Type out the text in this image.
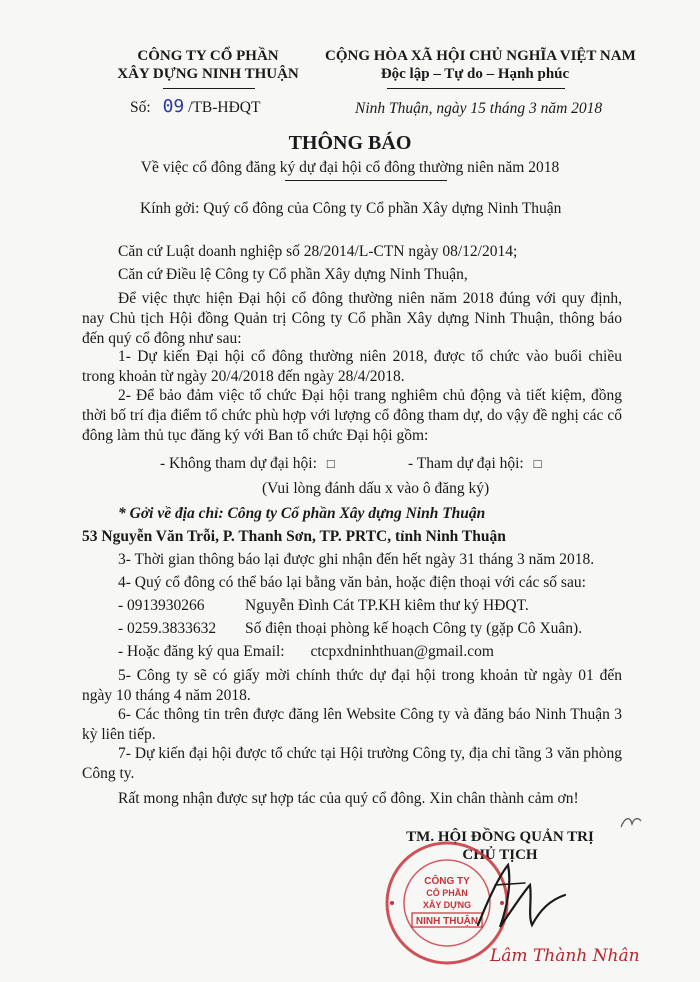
CÔNG TY CỔ PHẦN
XÂY DỰNG NINH THUẬN
CỘNG HÒA XÃ HỘI CHỦ NGHĨA VIỆT NAM
Độc lập – Tự do – Hạnh phúc
Số: 09 /TB-HĐQT	Ninh Thuận, ngày 15 tháng 3 năm 2018
THÔNG BÁO
Về việc cổ đông đăng ký dự đại hội cổ đông thường niên năm 2018
Kính gởi: Quý cổ đông của Công ty Cổ phần Xây dựng Ninh Thuận
Căn cứ Luật doanh nghiệp số 28/2014/L-CTN ngày 08/12/2014;
Căn cứ Điều lệ Công ty Cổ phần Xây dựng Ninh Thuận,

Để việc thực hiện Đại hội cổ đông thường niên năm 2018 đúng với quy định, nay Chủ tịch Hội đồng Quản trị Công ty Cổ phần Xây dựng Ninh Thuận, thông báo đến quý cổ đông như sau:

1- Dự kiến Đại hội cổ đông thường niên 2018, được tổ chức vào buổi chiều trong khoản từ ngày 20/4/2018 đến ngày 28/4/2018.

2- Để bảo đảm việc tổ chức Đại hội trang nghiêm chủ động và tiết kiệm, đồng thời bố trí địa điểm tổ chức phù hợp với lượng cổ đông tham dự, do vậy đề nghị các cổ đông làm thủ tục đăng ký với Ban tổ chức Đại hội gồm:

- Không tham dự đại hội: □	- Tham dự đại hội: □
(Vui lòng đánh dấu x vào ô đăng ký)
* Gởi về địa chỉ: Công ty Cổ phần Xây dựng Ninh Thuận
53 Nguyễn Văn Trỗi, P. Thanh Sơn, TP. PRTC, tỉnh Ninh Thuận
3- Thời gian thông báo lại được ghi nhận đến hết ngày 31 tháng 3 năm 2018.
4- Quý cổ đông có thể báo lại bằng văn bản, hoặc điện thoại với các số sau:
- 0913930266	Nguyễn Đình Cát TP.KH kiêm thư ký HĐQT.
- 0259.3833632 Số điện thoại phòng kế hoạch Công ty (gặp Cô Xuân).
- Hoặc đăng ký qua Email: ctcpxdninhthuan@gmail.com

5- Công ty sẽ có giấy mời chính thức dự đại hội trong khoản từ ngày 01 đến ngày 10 tháng 4 năm 2018.

6- Các thông tin trên được đăng lên Website Công ty và đăng báo Ninh Thuận 3 kỳ liên tiếp.

7- Dự kiến đại hội được tổ chức tại Hội trường Công ty, địa chỉ tầng 3 văn phòng Công ty.

Rất mong nhận được sự hợp tác của quý cổ đông. Xin chân thành cảm ơn!
TM. HỘI ĐỒNG QUẢN TRỊ
CHỦ TỊCH
CÔNG TY
CỔ PHẦN
XÂY DỰNG
NINH THUẬN
Lâm Thành Nhân
